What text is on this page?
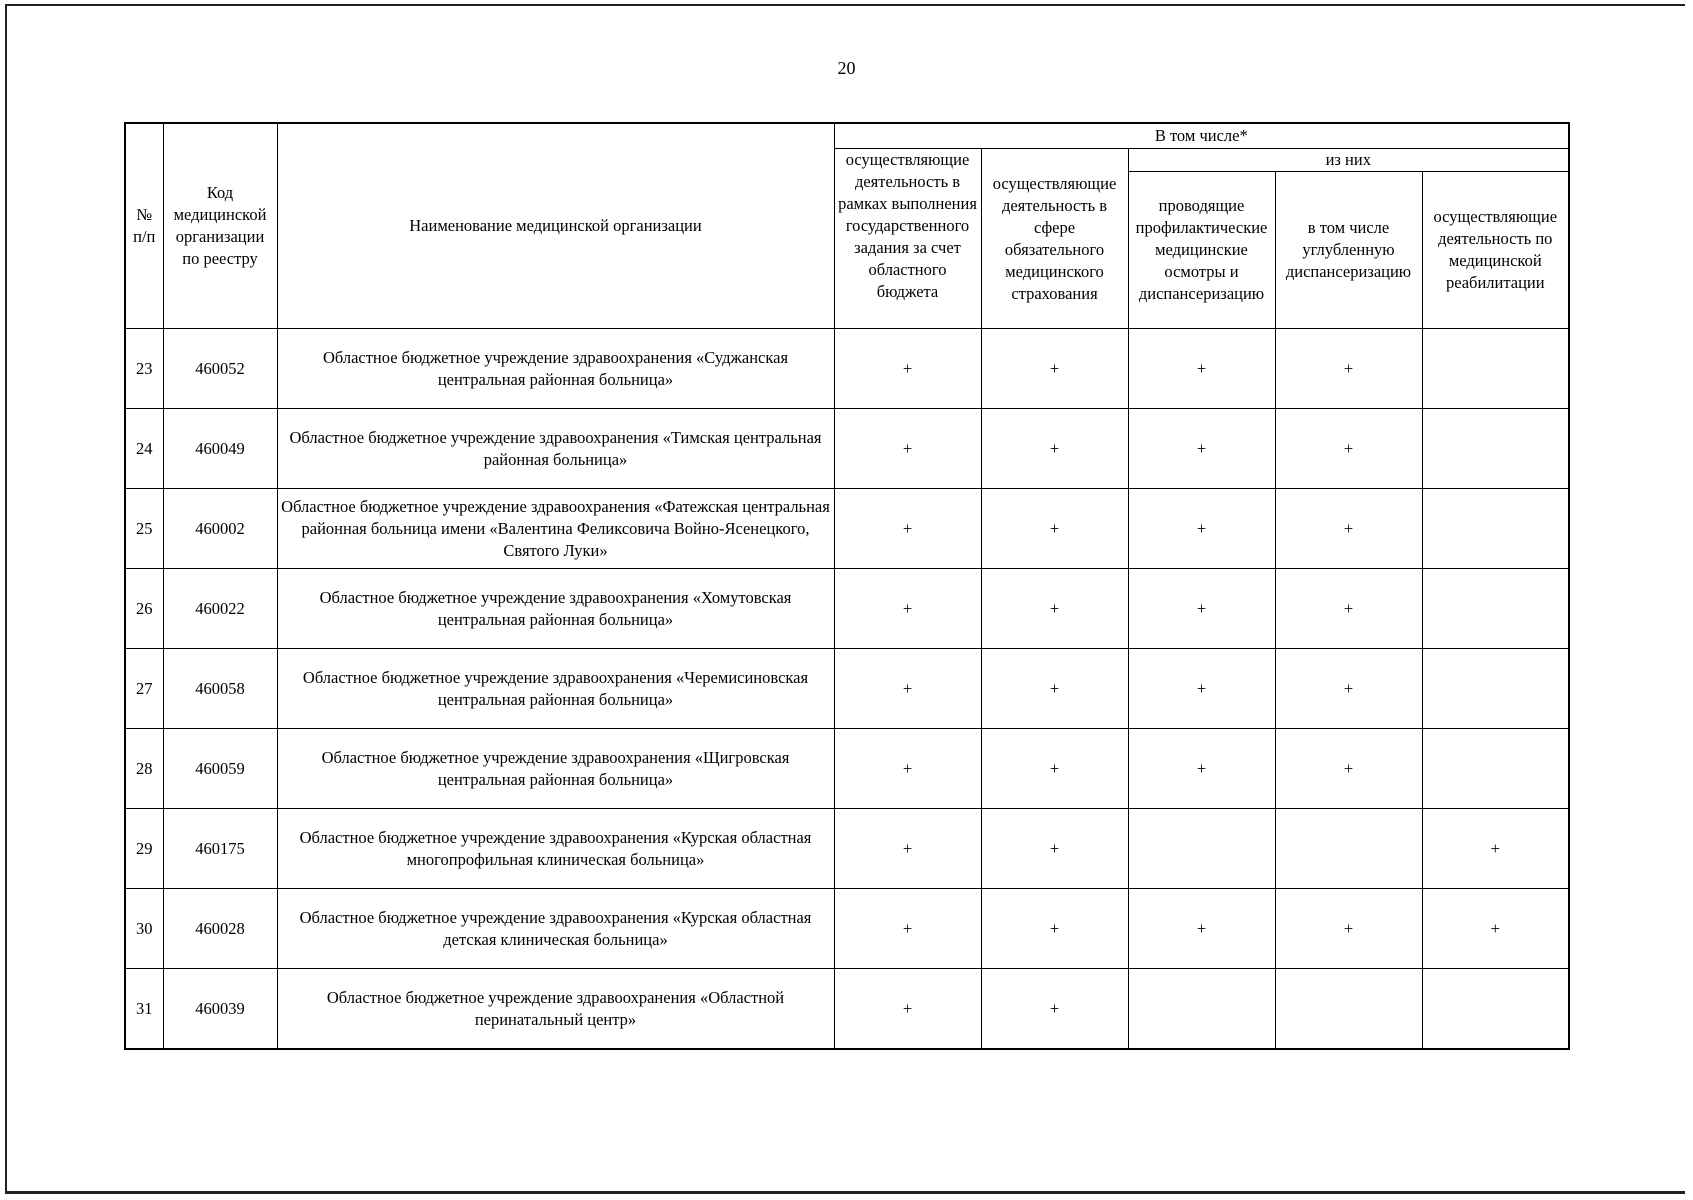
20
№ п/п	Код медицинской организации по реестру	Наименование медицинской организации	В том числе*				
			осуществляющие деятельность в рамках выполнения государственного задания за счет областного бюджета	осуществляющие деятельность в сфере обязательного медицинского страхования	из них		
					проводящие профилактические медицинские осмотры и диспансеризацию	в том числе углубленную диспансеризацию	осуществляющие деятельность по медицинской реабилитации
23	460052	Областное бюджетное учреждение здравоохранения «Суджанская центральная районная больница»	+	+	+	+	
24	460049	Областное бюджетное учреждение здравоохранения «Тимская центральная районная больница»	+	+	+	+	
25	460002	Областное бюджетное учреждение здравоохранения «Фатежская центральная районная больница имени «Валентина Феликсовича Войно-Ясенецкого, Святого Луки»	+	+	+	+	
26	460022	Областное бюджетное учреждение здравоохранения «Хомутовская центральная районная больница»	+	+	+	+	
27	460058	Областное бюджетное учреждение здравоохранения «Черемисиновская центральная районная больница»	+	+	+	+	
28	460059	Областное бюджетное учреждение здравоохранения «Щигровская центральная районная больница»	+	+	+	+	
29	460175	Областное бюджетное учреждение здравоохранения «Курская областная многопрофильная клиническая больница»	+	+			+
30	460028	Областное бюджетное учреждение здравоохранения «Курская областная детская клиническая больница»	+	+	+	+	+
31	460039	Областное бюджетное учреждение здравоохранения «Областной перинатальный центр»	+	+			
